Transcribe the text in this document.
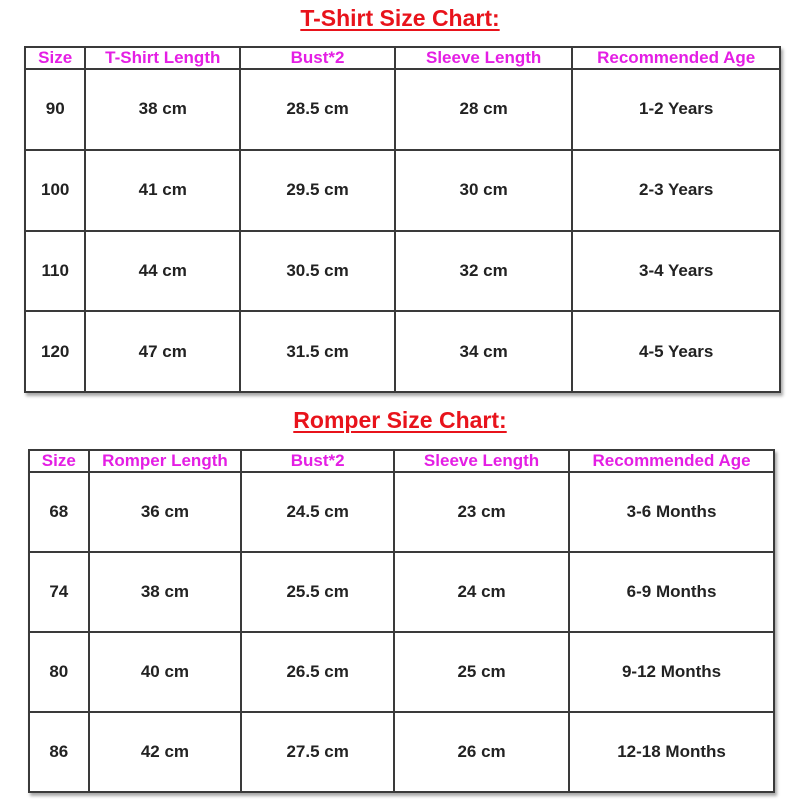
T-Shirt Size Chart:
Size	T-Shirt Length	Bust*2	Sleeve Length	Recommended Age
90	38 cm	28.5 cm	28 cm	1-2 Years
100	41 cm	29.5 cm	30 cm	2-3 Years
110	44 cm	30.5 cm	32 cm	3-4 Years
120	47 cm	31.5 cm	34 cm	4-5 Years
Romper Size Chart:
Size	Romper Length	Bust*2	Sleeve Length	Recommended Age
68	36 cm	24.5 cm	23 cm	3-6 Months
74	38 cm	25.5 cm	24 cm	6-9 Months
80	40 cm	26.5 cm	25 cm	9-12 Months
86	42 cm	27.5 cm	26 cm	12-18 Months
